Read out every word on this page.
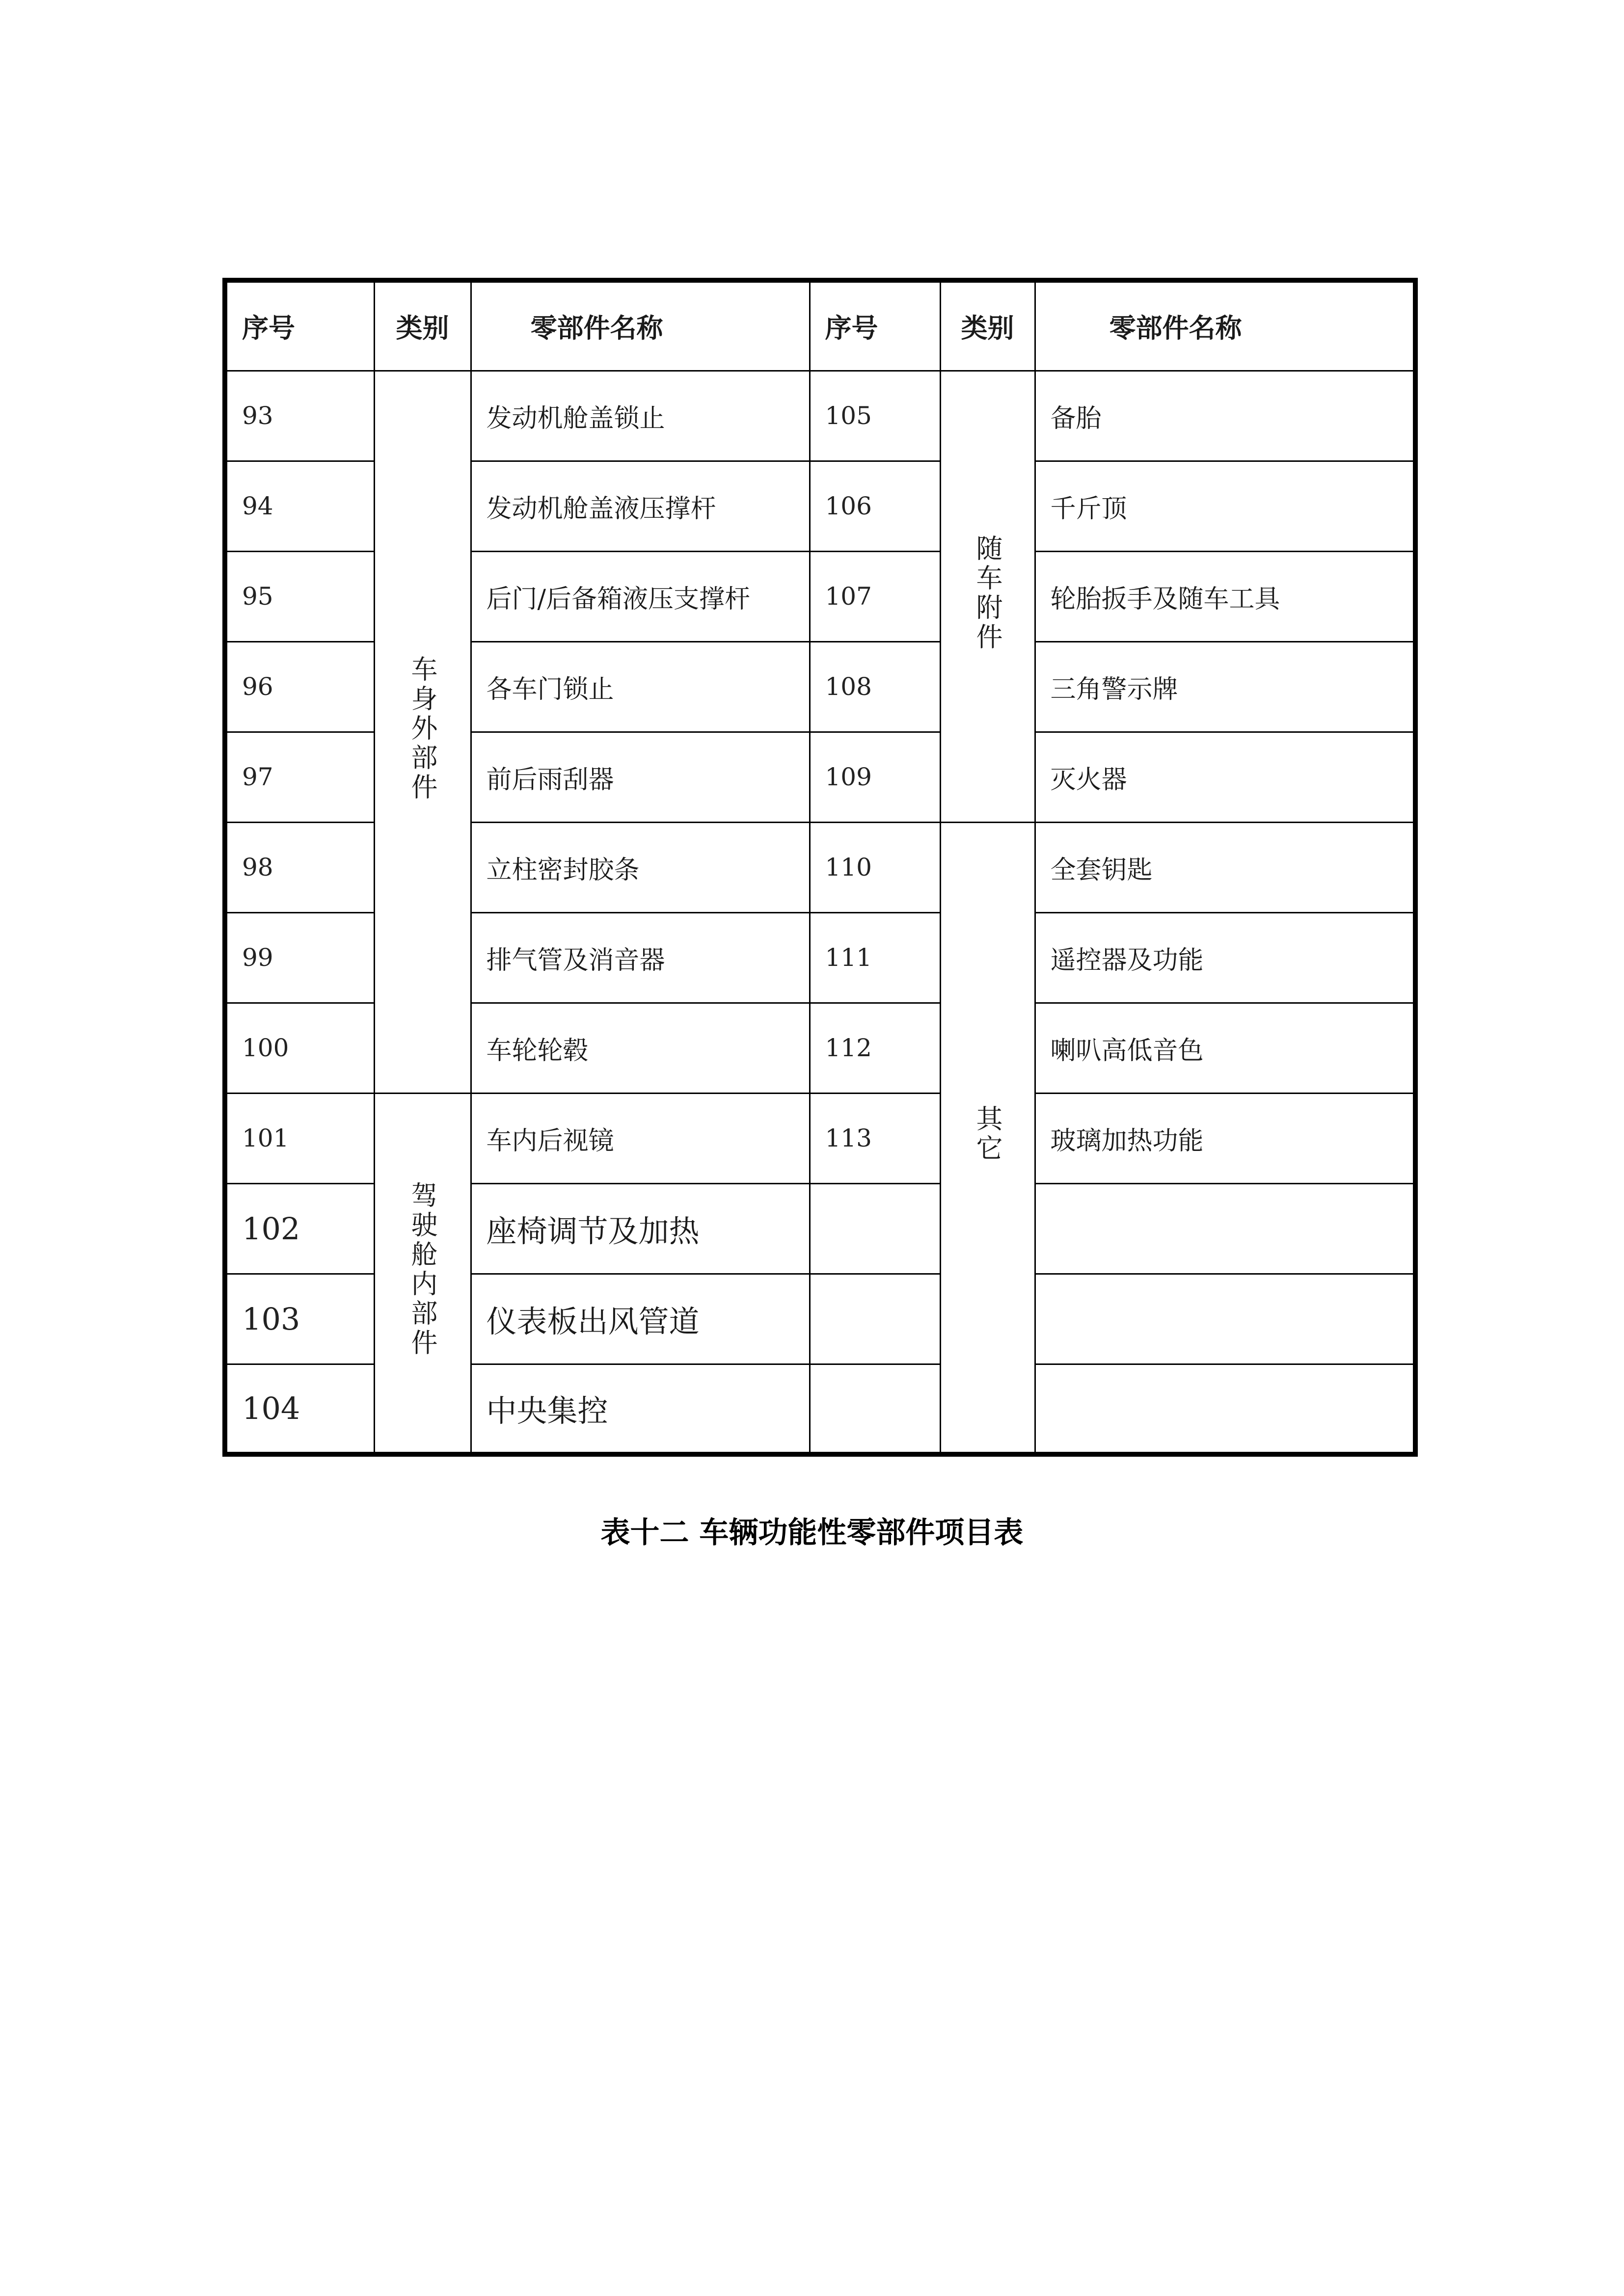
序号	类别	零部件名称	序号	类别	零部件名称
93	车身外部件	发动机舱盖锁止	105	随车附件	备胎
94		发动机舱盖液压撑杆	106		千斤顶
95		后门/后备箱液压支撑杆	107		轮胎扳手及随车工具
96		各车门锁止	108		三角警示牌
97		前后雨刮器	109		灭火器
98		立柱密封胶条	110	其它	全套钥匙
99		排气管及消音器	111		遥控器及功能
100		车轮轮毂	112		喇叭高低音色
101	驾驶舱内部件	车内后视镜	113		玻璃加热功能
102		座椅调节及加热			
103		仪表板出风管道			
104		中央集控			
表十二 车辆功能性零部件项目表
